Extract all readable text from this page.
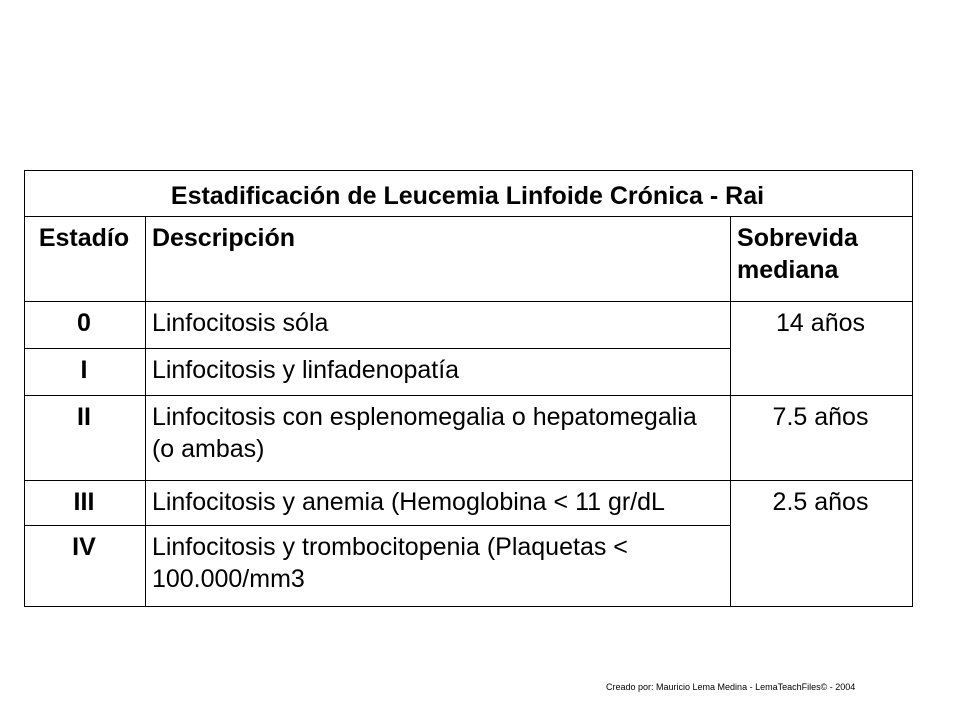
Estadificación de Leucemia Linfoide Crónica - Rai		
Estadío	Descripción	Sobrevida mediana
0	Linfocitosis sóla	14 años
I	Linfocitosis y linfadenopatía	
II	Linfocitosis con esplenomegalia o hepatomegalia (o ambas)	7.5 años
III	Linfocitosis y anemia (Hemoglobina < 11 gr/dL	2.5 años
IV	Linfocitosis y trombocitopenia (Plaquetas < 100.000/mm3	
Creado por: Mauricio Lema Medina - LemaTeachFiles© - 2004
